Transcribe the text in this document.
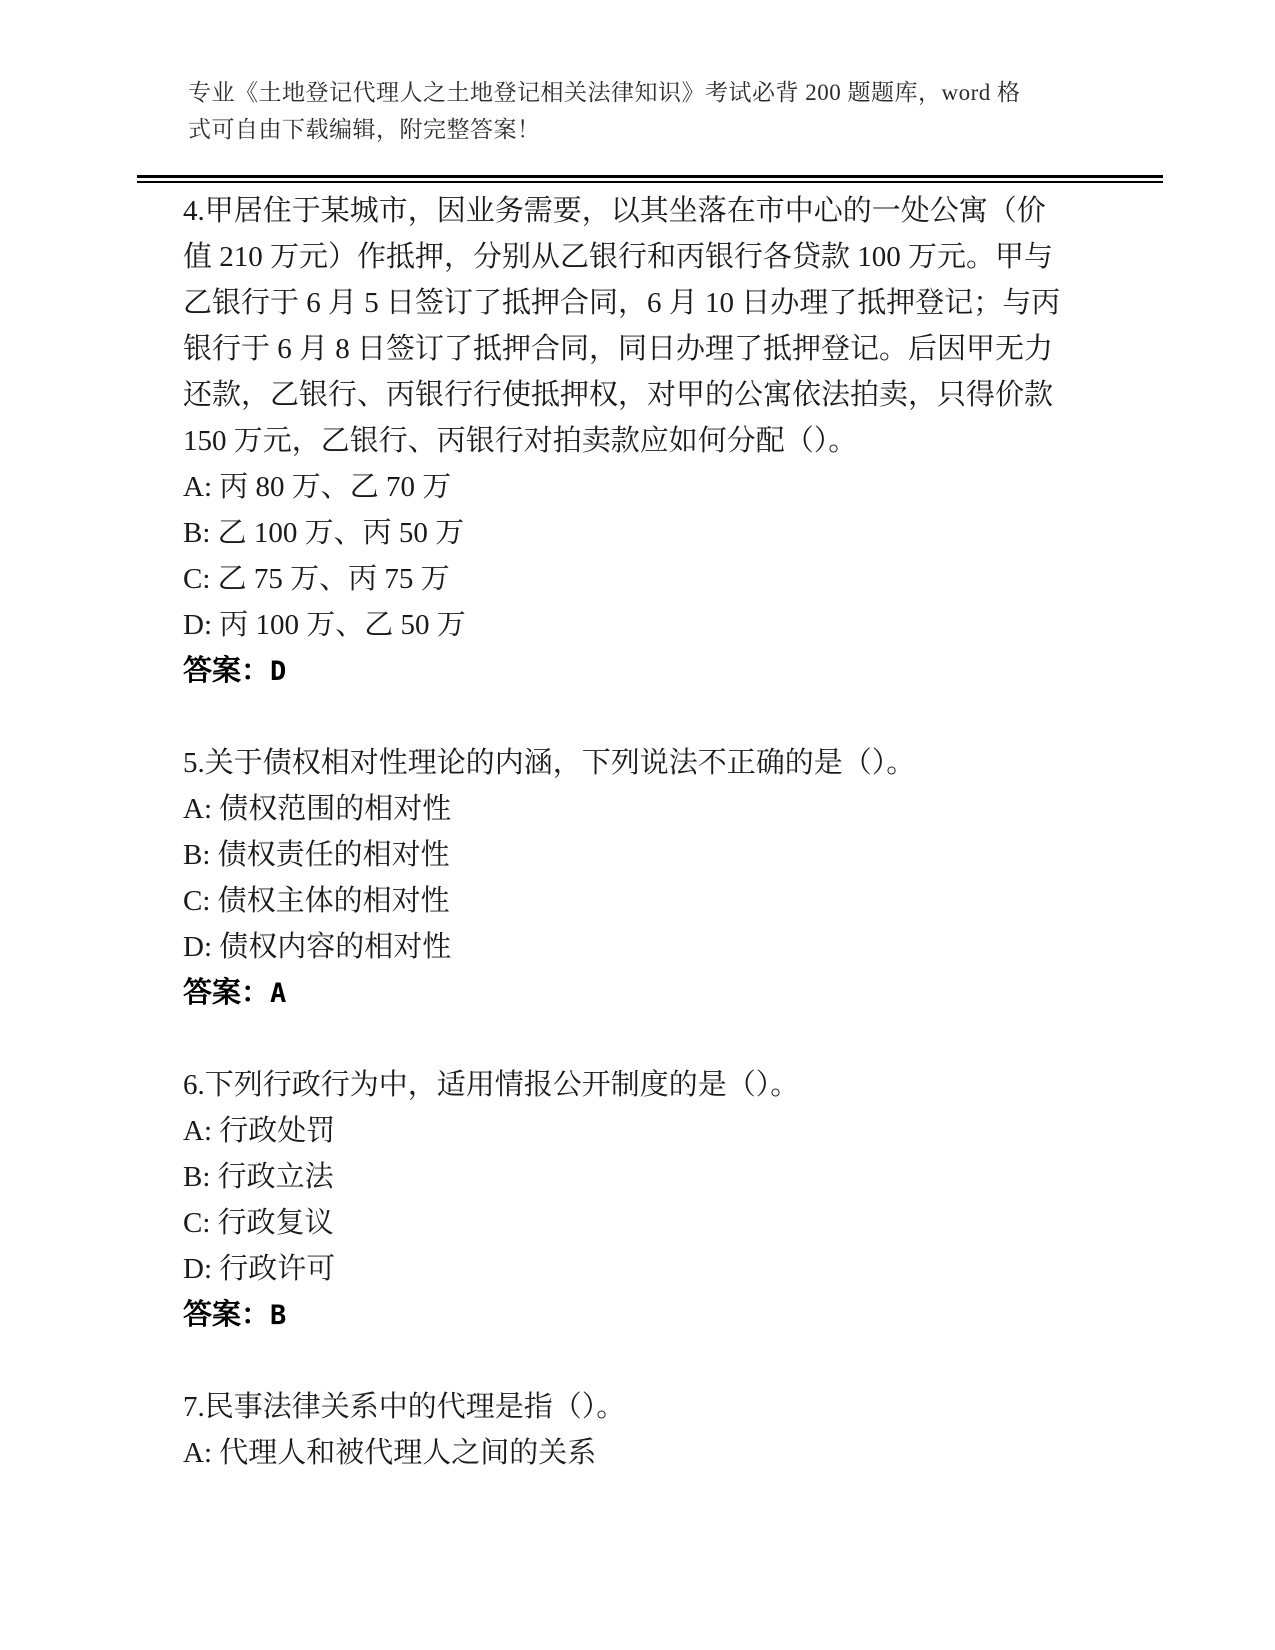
专业《土地登记代理人之土地登记相关法律知识》考试必背 200 题题库，word 格
式可自由下载编辑，附完整答案！
4.甲居住于某城市，因业务需要，以其坐落在市中心的一处公寓（价
值 210 万元）作抵押，分别从乙银行和丙银行各贷款 100 万元。甲与
乙银行于 6 月 5 日签订了抵押合同，6 月 10 日办理了抵押登记；与丙
银行于 6 月 8 日签订了抵押合同，同日办理了抵押登记。后因甲无力
还款，乙银行、丙银行行使抵押权，对甲的公寓依法拍卖，只得价款
150 万元，乙银行、丙银行对拍卖款应如何分配（）。
A: 丙 80 万、乙 70 万
B: 乙 100 万、丙 50 万
C: 乙 75 万、丙 75 万
D: 丙 100 万、乙 50 万
答案：D
5.关于债权相对性理论的内涵，下列说法不正确的是（）。
A: 债权范围的相对性
B: 债权责任的相对性
C: 债权主体的相对性
D: 债权内容的相对性
答案：A
6.下列行政行为中，适用情报公开制度的是（）。
A: 行政处罚
B: 行政立法
C: 行政复议
D: 行政许可
答案：B
7.民事法律关系中的代理是指（）。
A: 代理人和被代理人之间的关系
